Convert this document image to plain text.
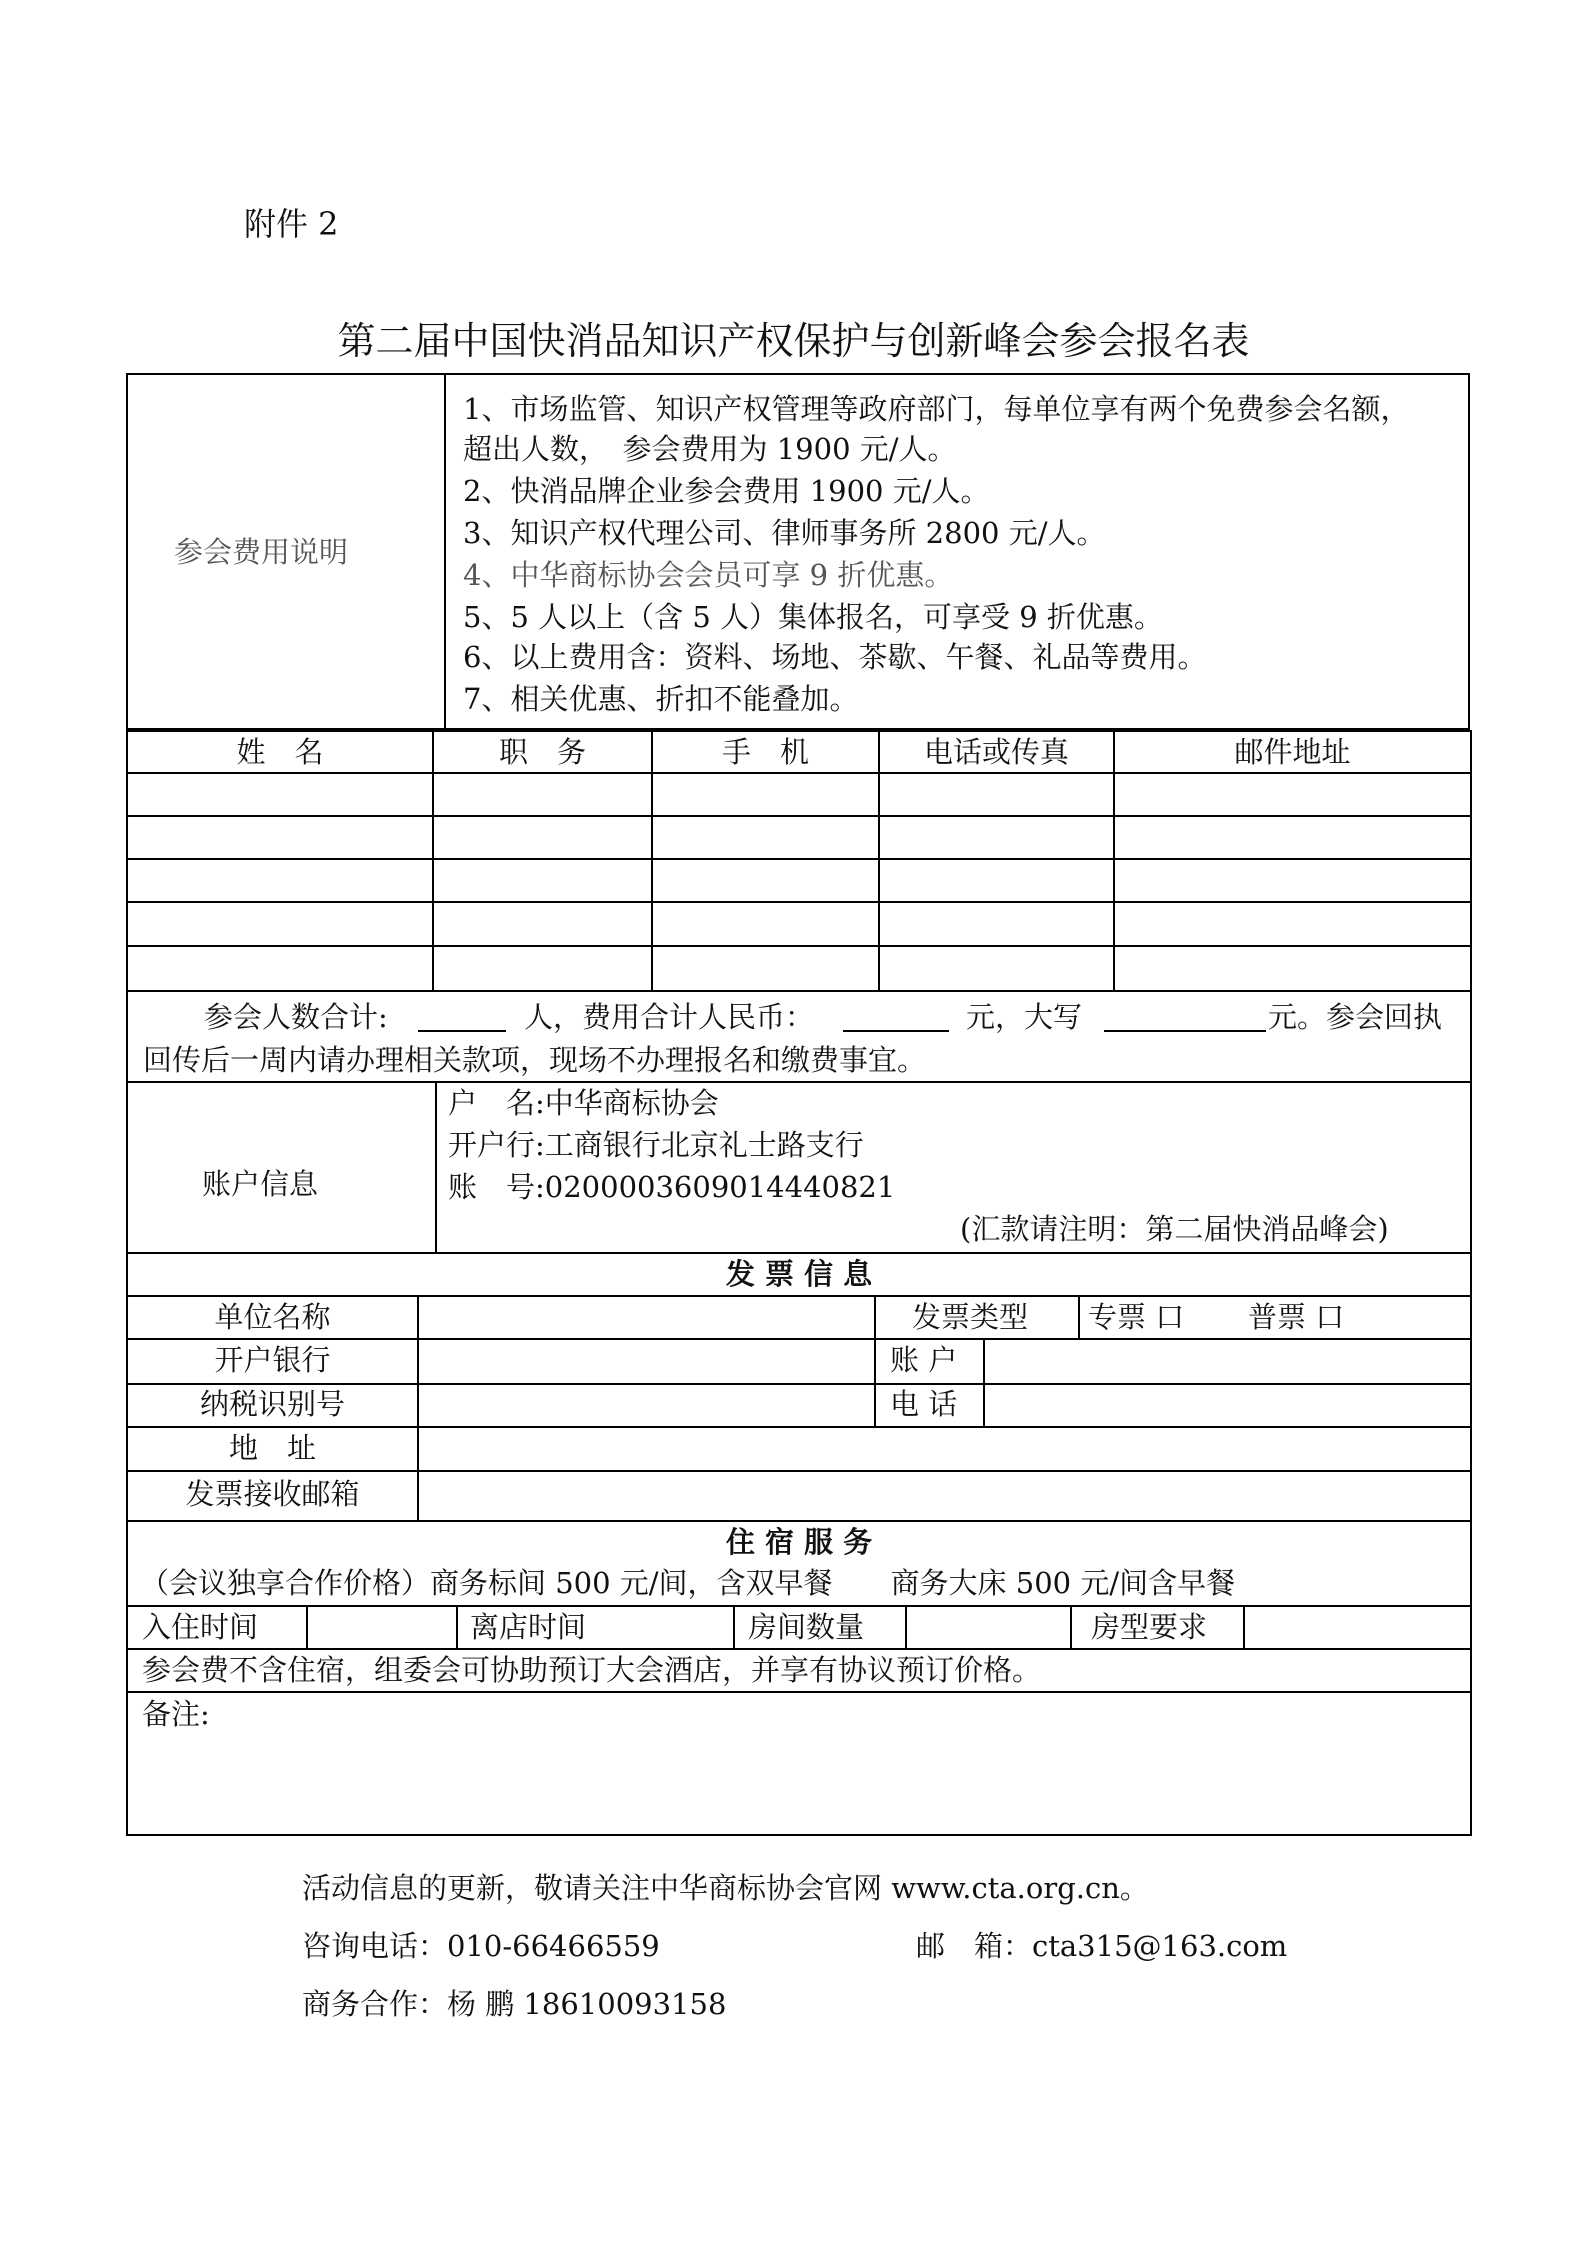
附件 2
第二届中国快消品知识产权保护与创新峰会参会报名表
参会费用说明
1、市场监管、知识产权管理等政府部门，每单位享有两个免费参会名额，
超出人数，　参会费用为 1900 元/人。
2、快消品牌企业参会费用 1900 元/人。
3、知识产权代理公司、律师事务所 2800 元/人。
4、中华商标协会会员可享 9 折优惠。
5、5 人以上（含 5 人）集体报名，可享受 9 折优惠。
6、以上费用含：资料、场地、茶歇、午餐、礼品等费用。
7、相关优惠、折扣不能叠加。
姓　名	职　务	手　机	电话或传真	邮件地址
参会人数合计:	人，费用合计人民币：	元，大写	元。参会回执
回传后一周内请办理相关款项，现场不办理报名和缴费事宜。
账户信息
户　名:中华商标协会
开户行:工商银行北京礼士路支行
账　号:0200003609014440821
(汇款请注明：第二届快消品峰会)
发 票 信 息
单位名称	发票类型 专票 口 普票 口
开户银行	账 户
纳税识别号	电 话
地　址
发票接收邮箱
住 宿 服 务
（会议独享合作价格）商务标间 500 元/间，含双早餐　　商务大床 500 元/间含早餐
入住时间	离店时间	房间数量	房型要求
参会费不含住宿，组委会可协助预订大会酒店，并享有协议预订价格。
备注:
活动信息的更新，敬请关注中华商标协会官网 www.cta.org.cn。
咨询电话：010-66466559	邮　箱：cta315@163.com
商务合作：杨 鹏 18610093158
